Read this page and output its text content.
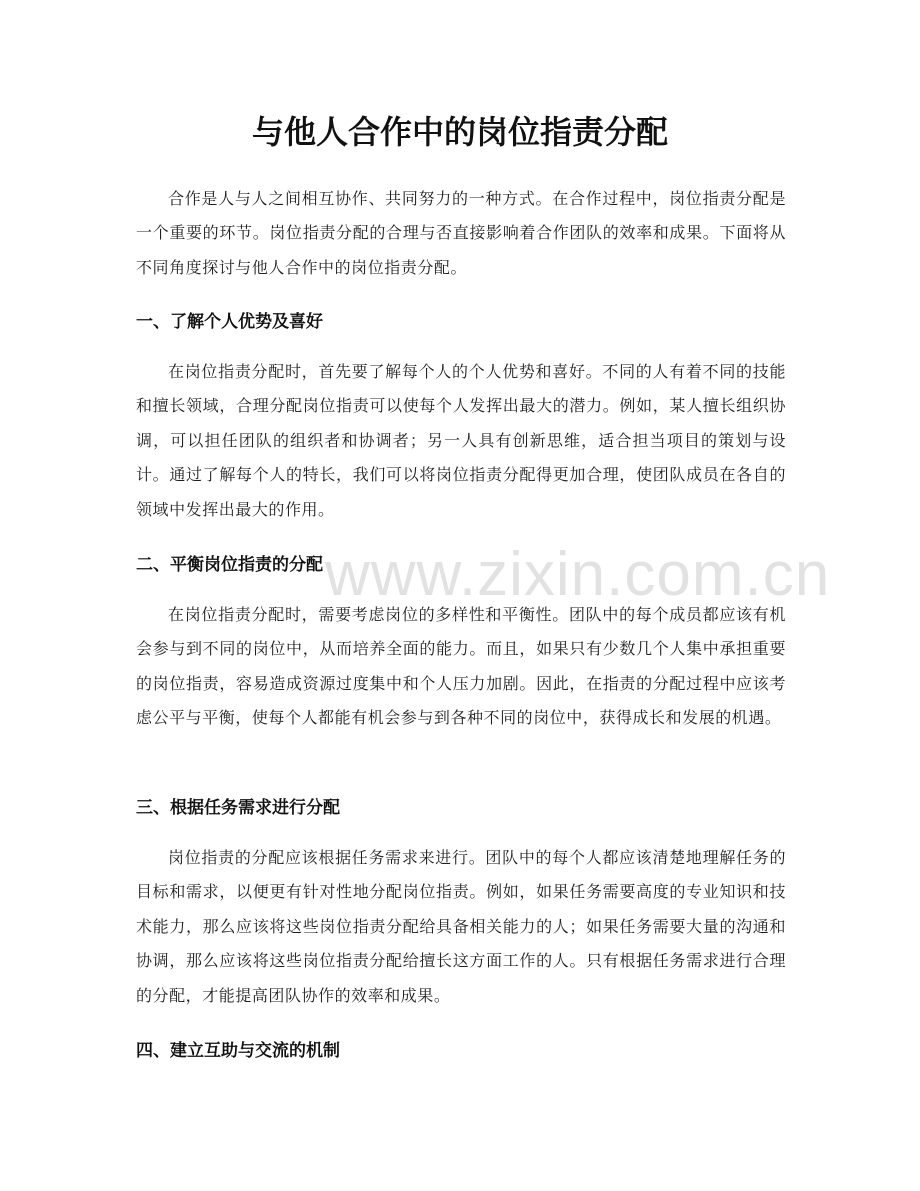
与他人合作中的岗位指责分配

合作是人与人之间相互协作、共同努力的一种方式。在合作过程中，岗位指责分配是一个重要的环节。岗位指责分配的合理与否直接影响着合作团队的效率和成果。下面将从不同角度探讨与他人合作中的岗位指责分配。

一、了解个人优势及喜好

在岗位指责分配时，首先要了解每个人的个人优势和喜好。不同的人有着不同的技能和擅长领域，合理分配岗位指责可以使每个人发挥出最大的潜力。例如，某人擅长组织协调，可以担任团队的组织者和协调者；另一人具有创新思维，适合担当项目的策划与设计。通过了解每个人的特长，我们可以将岗位指责分配得更加合理，使团队成员在各自的领域中发挥出最大的作用。

二、平衡岗位指责的分配

在岗位指责分配时，需要考虑岗位的多样性和平衡性。团队中的每个成员都应该有机会参与到不同的岗位中，从而培养全面的能力。而且，如果只有少数几个人集中承担重要的岗位指责，容易造成资源过度集中和个人压力加剧。因此，在指责的分配过程中应该考虑公平与平衡，使每个人都能有机会参与到各种不同的岗位中，获得成长和发展的机遇。

三、根据任务需求进行分配

岗位指责的分配应该根据任务需求来进行。团队中的每个人都应该清楚地理解任务的目标和需求，以便更有针对性地分配岗位指责。例如，如果任务需要高度的专业知识和技术能力，那么应该将这些岗位指责分配给具备相关能力的人；如果任务需要大量的沟通和协调，那么应该将这些岗位指责分配给擅长这方面工作的人。只有根据任务需求进行合理的分配，才能提高团队协作的效率和成果。

四、建立互助与交流的机制
www.zixin.com.cn
